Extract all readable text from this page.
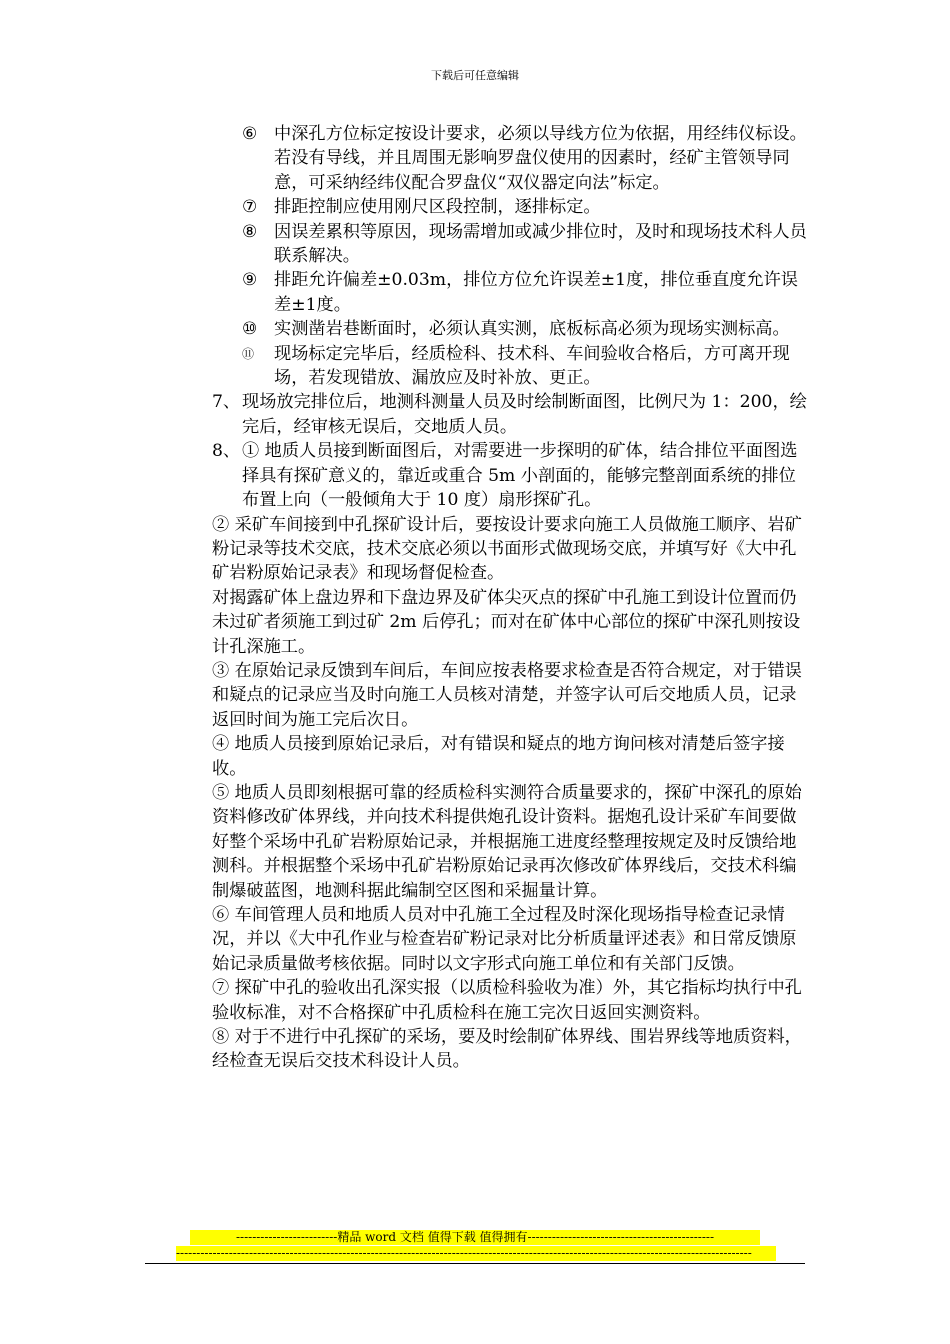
下载后可任意编辑
⑥ 中深孔方位标定按设计要求，必须以导线方位为依据，用经纬仪标设。若没有导线，并且周围无影响罗盘仪使用的因素时，经矿主管领导同意，可采纳经纬仪配合罗盘仪“双仪器定向法”标定。
⑦ 排距控制应使用刚尺区段控制，逐排标定。
⑧ 因误差累积等原因，现场需增加或减少排位时，及时和现场技术科人员联系解决。
⑨ 排距允许偏差±0.03m，排位方位允许误差±1度，排位垂直度允许误差±1度。
⑩ 实测凿岩巷断面时，必须认真实测，底板标高必须为现场实测标高。
⑪ 现场标定完毕后，经质检科、技术科、车间验收合格后，方可离开现场，若发现错放、漏放应及时补放、更正。
7、 现场放完排位后，地测科测量人员及时绘制断面图，比例尺为 1：200，绘完后，经审核无误后，交地质人员。
8、 ① 地质人员接到断面图后，对需要进一步探明的矿体，结合排位平面图选择具有探矿意义的，靠近或重合 5m 小剖面的，能够完整剖面系统的排位布置上向（一般倾角大于 10 度）扇形探矿孔。
② 采矿车间接到中孔探矿设计后，要按设计要求向施工人员做施工顺序、岩矿粉记录等技术交底，技术交底必须以书面形式做现场交底，并填写好《大中孔矿岩粉原始记录表》和现场督促检查。
对揭露矿体上盘边界和下盘边界及矿体尖灭点的探矿中孔施工到设计位置而仍未过矿者须施工到过矿 2m 后停孔；而对在矿体中心部位的探矿中深孔则按设计孔深施工。
③ 在原始记录反馈到车间后，车间应按表格要求检查是否符合规定，对于错误和疑点的记录应当及时向施工人员核对清楚，并签字认可后交地质人员，记录返回时间为施工完后次日。
④ 地质人员接到原始记录后，对有错误和疑点的地方询问核对清楚后签字接收。
⑤ 地质人员即刻根据可靠的经质检科实测符合质量要求的，探矿中深孔的原始资料修改矿体界线，并向技术科提供炮孔设计资料。据炮孔设计采矿车间要做好整个采场中孔矿岩粉原始记录，并根据施工进度经整理按规定及时反馈给地测科。并根据整个采场中孔矿岩粉原始记录再次修改矿体界线后，交技术科编制爆破蓝图，地测科据此编制空区图和采掘量计算。
⑥ 车间管理人员和地质人员对中孔施工全过程及时深化现场指导检查记录情况，并以《大中孔作业与检查岩矿粉记录对比分析质量评述表》和日常反馈原始记录质量做考核依据。同时以文字形式向施工单位和有关部门反馈。
⑦ 探矿中孔的验收出孔深实报（以质检科验收为准）外，其它指标均执行中孔验收标准，对不合格探矿中孔质检科在施工完次日返回实测资料。
⑧ 对于不进行中孔探矿的采场，要及时绘制矿体界线、围岩界线等地质资料，经检查无误后交技术科设计人员。
-------------------------精品 word 文档 值得下载 值得拥有----------------------------------------------
----------------------------------------------------------------------------------------------------------------------------------------------
